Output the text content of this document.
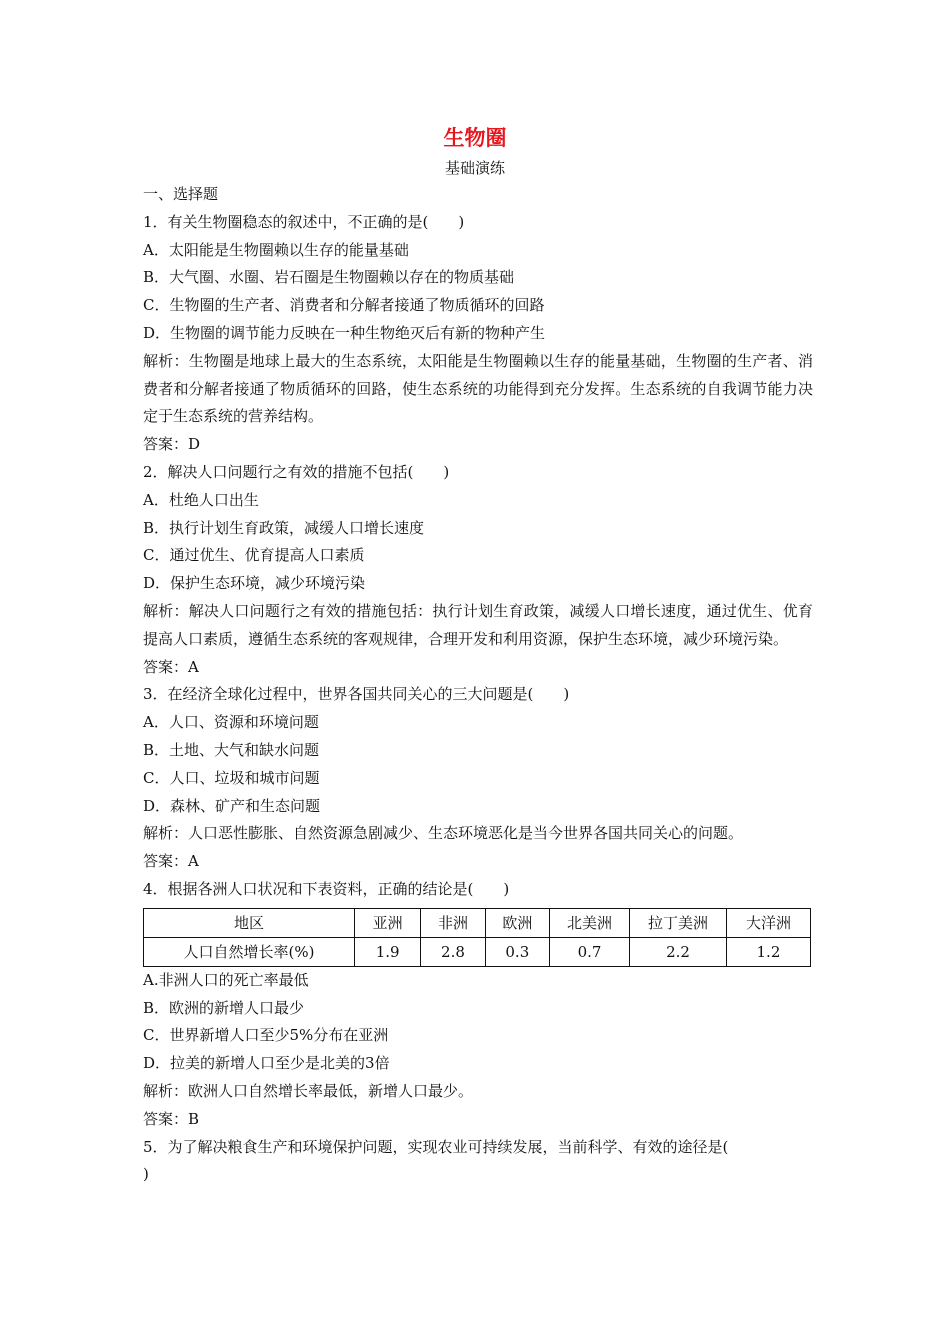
生物圈
基础演练
一、选择题
1．有关生物圈稳态的叙述中，不正确的是(　　)
A．太阳能是生物圈赖以生存的能量基础
B．大气圈、水圈、岩石圈是生物圈赖以存在的物质基础
C．生物圈的生产者、消费者和分解者接通了物质循环的回路
D．生物圈的调节能力反映在一种生物绝灭后有新的物种产生
解析：生物圈是地球上最大的生态系统，太阳能是生物圈赖以生存的能量基础，生物圈的生产者、消费者和分解者接通了物质循环的回路，使生态系统的功能得到充分发挥。生态系统的自我调节能力决定于生态系统的营养结构。
答案：D
2．解决人口问题行之有效的措施不包括(　　)
A．杜绝人口出生
B．执行计划生育政策，减缓人口增长速度
C．通过优生、优育提高人口素质
D．保护生态环境，减少环境污染
解析：解决人口问题行之有效的措施包括：执行计划生育政策，减缓人口增长速度，通过优生、优育提高人口素质，遵循生态系统的客观规律，合理开发和利用资源，保护生态环境，减少环境污染。
答案：A
3．在经济全球化过程中，世界各国共同关心的三大问题是(　　)
A．人口、资源和环境问题
B．土地、大气和缺水问题
C．人口、垃圾和城市问题
D．森林、矿产和生态问题
解析：人口恶性膨胀、自然资源急剧减少、生态环境恶化是当今世界各国共同关心的问题。
答案：A
4．根据各洲人口状况和下表资料，正确的结论是(　　)
地区	亚洲	非洲	欧洲	北美洲	拉丁美洲	大洋洲
人口自然增长率(%)	1.9	2.8	0.3	0.7	2.2	1.2
A.非洲人口的死亡率最低
B．欧洲的新增人口最少
C．世界新增人口至少5%分布在亚洲
D．拉美的新增人口至少是北美的3倍
解析：欧洲人口自然增长率最低，新增人口最少。
答案：B
5．为了解决粮食生产和环境保护问题，实现农业可持续发展，当前科学、有效的途径是(
)
